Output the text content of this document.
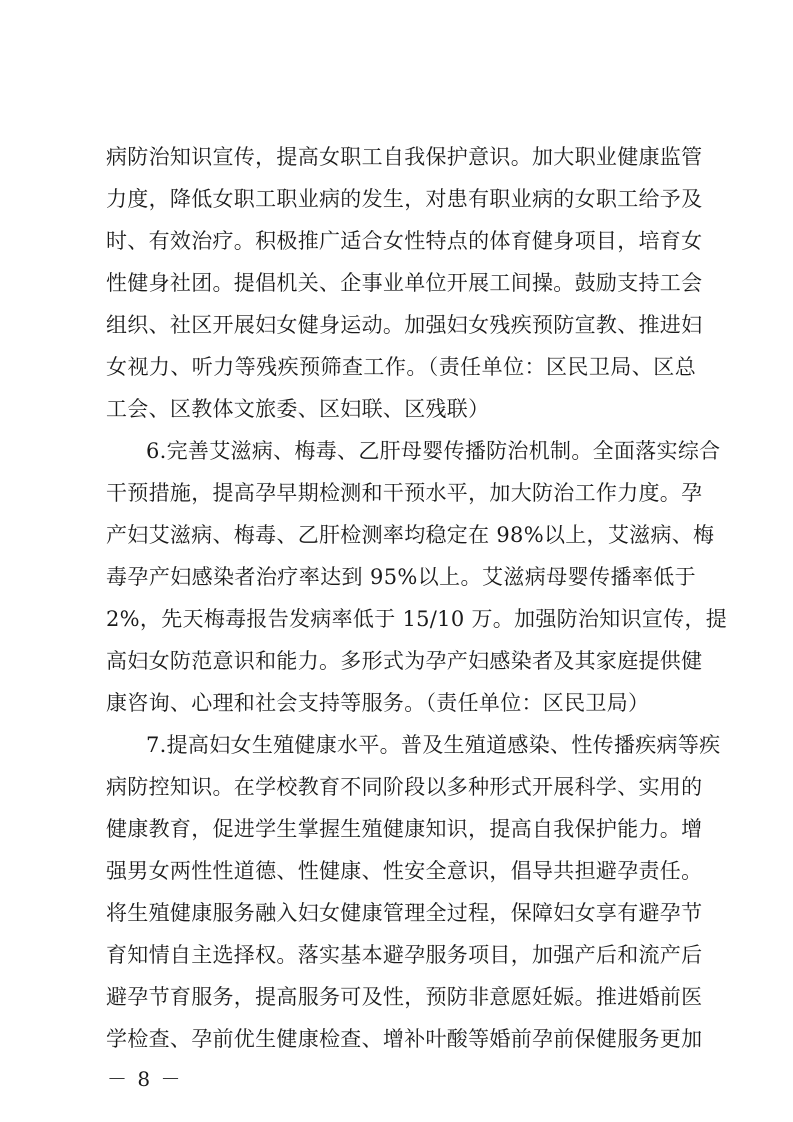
病防治知识宣传，提高女职工自我保护意识。加大职业健康监管
力度，降低女职工职业病的发生，对患有职业病的女职工给予及
时、有效治疗。积极推广适合女性特点的体育健身项目，培育女
性健身社团。提倡机关、企事业单位开展工间操。鼓励支持工会
组织、社区开展妇女健身运动。加强妇女残疾预防宣教、推进妇
女视力、听力等残疾预筛查工作。（责任单位：区民卫局、区总
工会、区教体文旅委、区妇联、区残联）
6.完善艾滋病、梅毒、乙肝母婴传播防治机制。全面落实综合
干预措施，提高孕早期检测和干预水平，加大防治工作力度。孕
产妇艾滋病、梅毒、乙肝检测率均稳定在 98%以上，艾滋病、梅
毒孕产妇感染者治疗率达到 95%以上。艾滋病母婴传播率低于
2%，先天梅毒报告发病率低于 15/10 万。加强防治知识宣传，提
高妇女防范意识和能力。多形式为孕产妇感染者及其家庭提供健
康咨询、心理和社会支持等服务。（责任单位：区民卫局）
7.提高妇女生殖健康水平。普及生殖道感染、性传播疾病等疾
病防控知识。在学校教育不同阶段以多种形式开展科学、实用的
健康教育，促进学生掌握生殖健康知识，提高自我保护能力。增
强男女两性性道德、性健康、性安全意识，倡导共担避孕责任。
将生殖健康服务融入妇女健康管理全过程，保障妇女享有避孕节
育知情自主选择权。落实基本避孕服务项目，加强产后和流产后
避孕节育服务，提高服务可及性，预防非意愿妊娠。推进婚前医
学检查、孕前优生健康检查、增补叶酸等婚前孕前保健服务更加
－ 8 －
